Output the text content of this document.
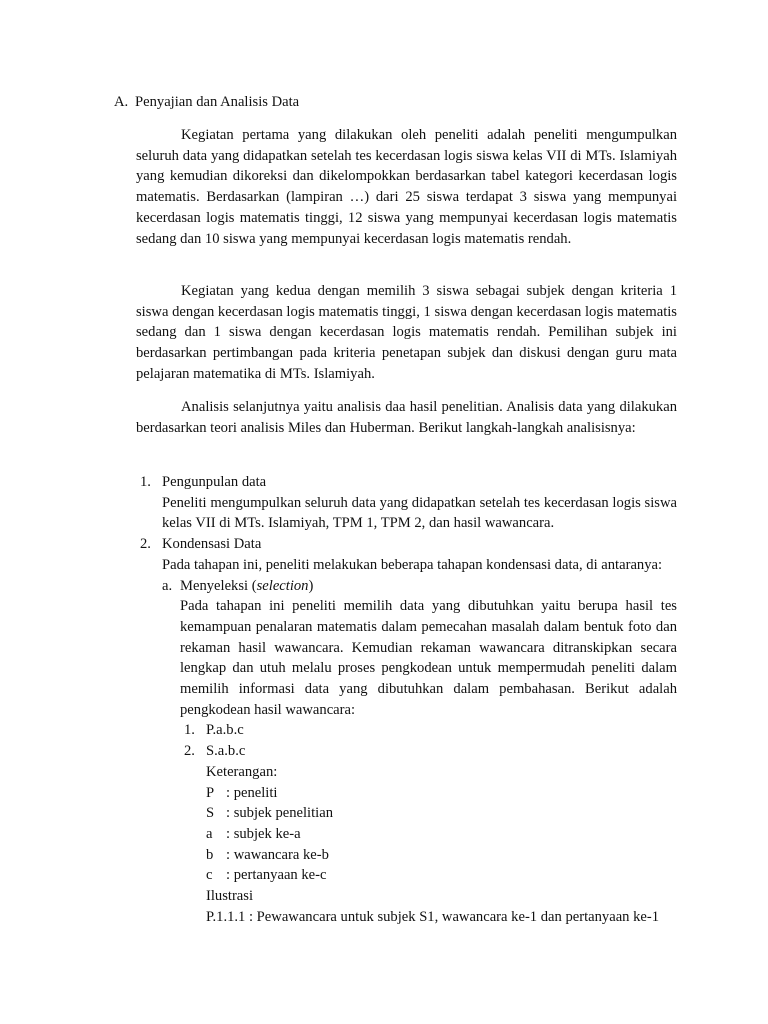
A. Penyajian dan Analisis Data

Kegiatan pertama yang dilakukan oleh peneliti adalah peneliti mengumpulkan seluruh data yang didapatkan setelah tes kecerdasan logis siswa kelas VII di MTs. Islamiyah yang kemudian dikoreksi dan dikelompokkan berdasarkan tabel kategori kecerdasan logis matematis. Berdasarkan (lampiran …) dari 25 siswa terdapat 3 siswa yang mempunyai kecerdasan logis matematis tinggi, 12 siswa yang mempunyai kecerdasan logis matematis sedang dan 10 siswa yang mempunyai kecerdasan logis matematis rendah.

Kegiatan yang kedua dengan memilih 3 siswa sebagai subjek dengan kriteria 1 siswa dengan kecerdasan logis matematis tinggi, 1 siswa dengan kecerdasan logis matematis sedang dan 1 siswa dengan kecerdasan logis matematis rendah. Pemilihan subjek ini berdasarkan pertimbangan pada kriteria penetapan subjek dan diskusi dengan guru mata pelajaran matematika di MTs. Islamiyah.

Analisis selanjutnya yaitu analisis daa hasil penelitian. Analisis data yang dilakukan berdasarkan teori analisis Miles dan Huberman. Berikut langkah-langkah analisisnya:

1. Pengunpulan data

Peneliti mengumpulkan seluruh data yang didapatkan setelah tes kecerdasan logis siswa kelas VII di MTs. Islamiyah, TPM 1, TPM 2, dan hasil wawancara.

2. Kondensasi Data
Pada tahapan ini, peneliti melakukan beberapa tahapan kondensasi data, di antaranya:
a. Menyeleksi (selection)

Pada tahapan ini peneliti memilih data yang dibutuhkan yaitu berupa hasil tes kemampuan penalaran matematis dalam pemecahan masalah dalam bentuk foto dan rekaman hasil wawancara. Kemudian rekaman wawancara ditranskipkan secara lengkap dan utuh melalu proses pengkodean untuk mempermudah peneliti dalam memilih informasi data yang dibutuhkan dalam pembahasan. Berikut adalah pengkodean hasil wawancara:

1. P.a.b.c
2. S.a.b.c
Keterangan:
P : peneliti
S : subjek penelitian
a : subjek ke-a
b : wawancara ke-b
c : pertanyaan ke-c
Ilustrasi
P.1.1.1 : Pewawancara untuk subjek S1, wawancara ke-1 dan pertanyaan ke-1
